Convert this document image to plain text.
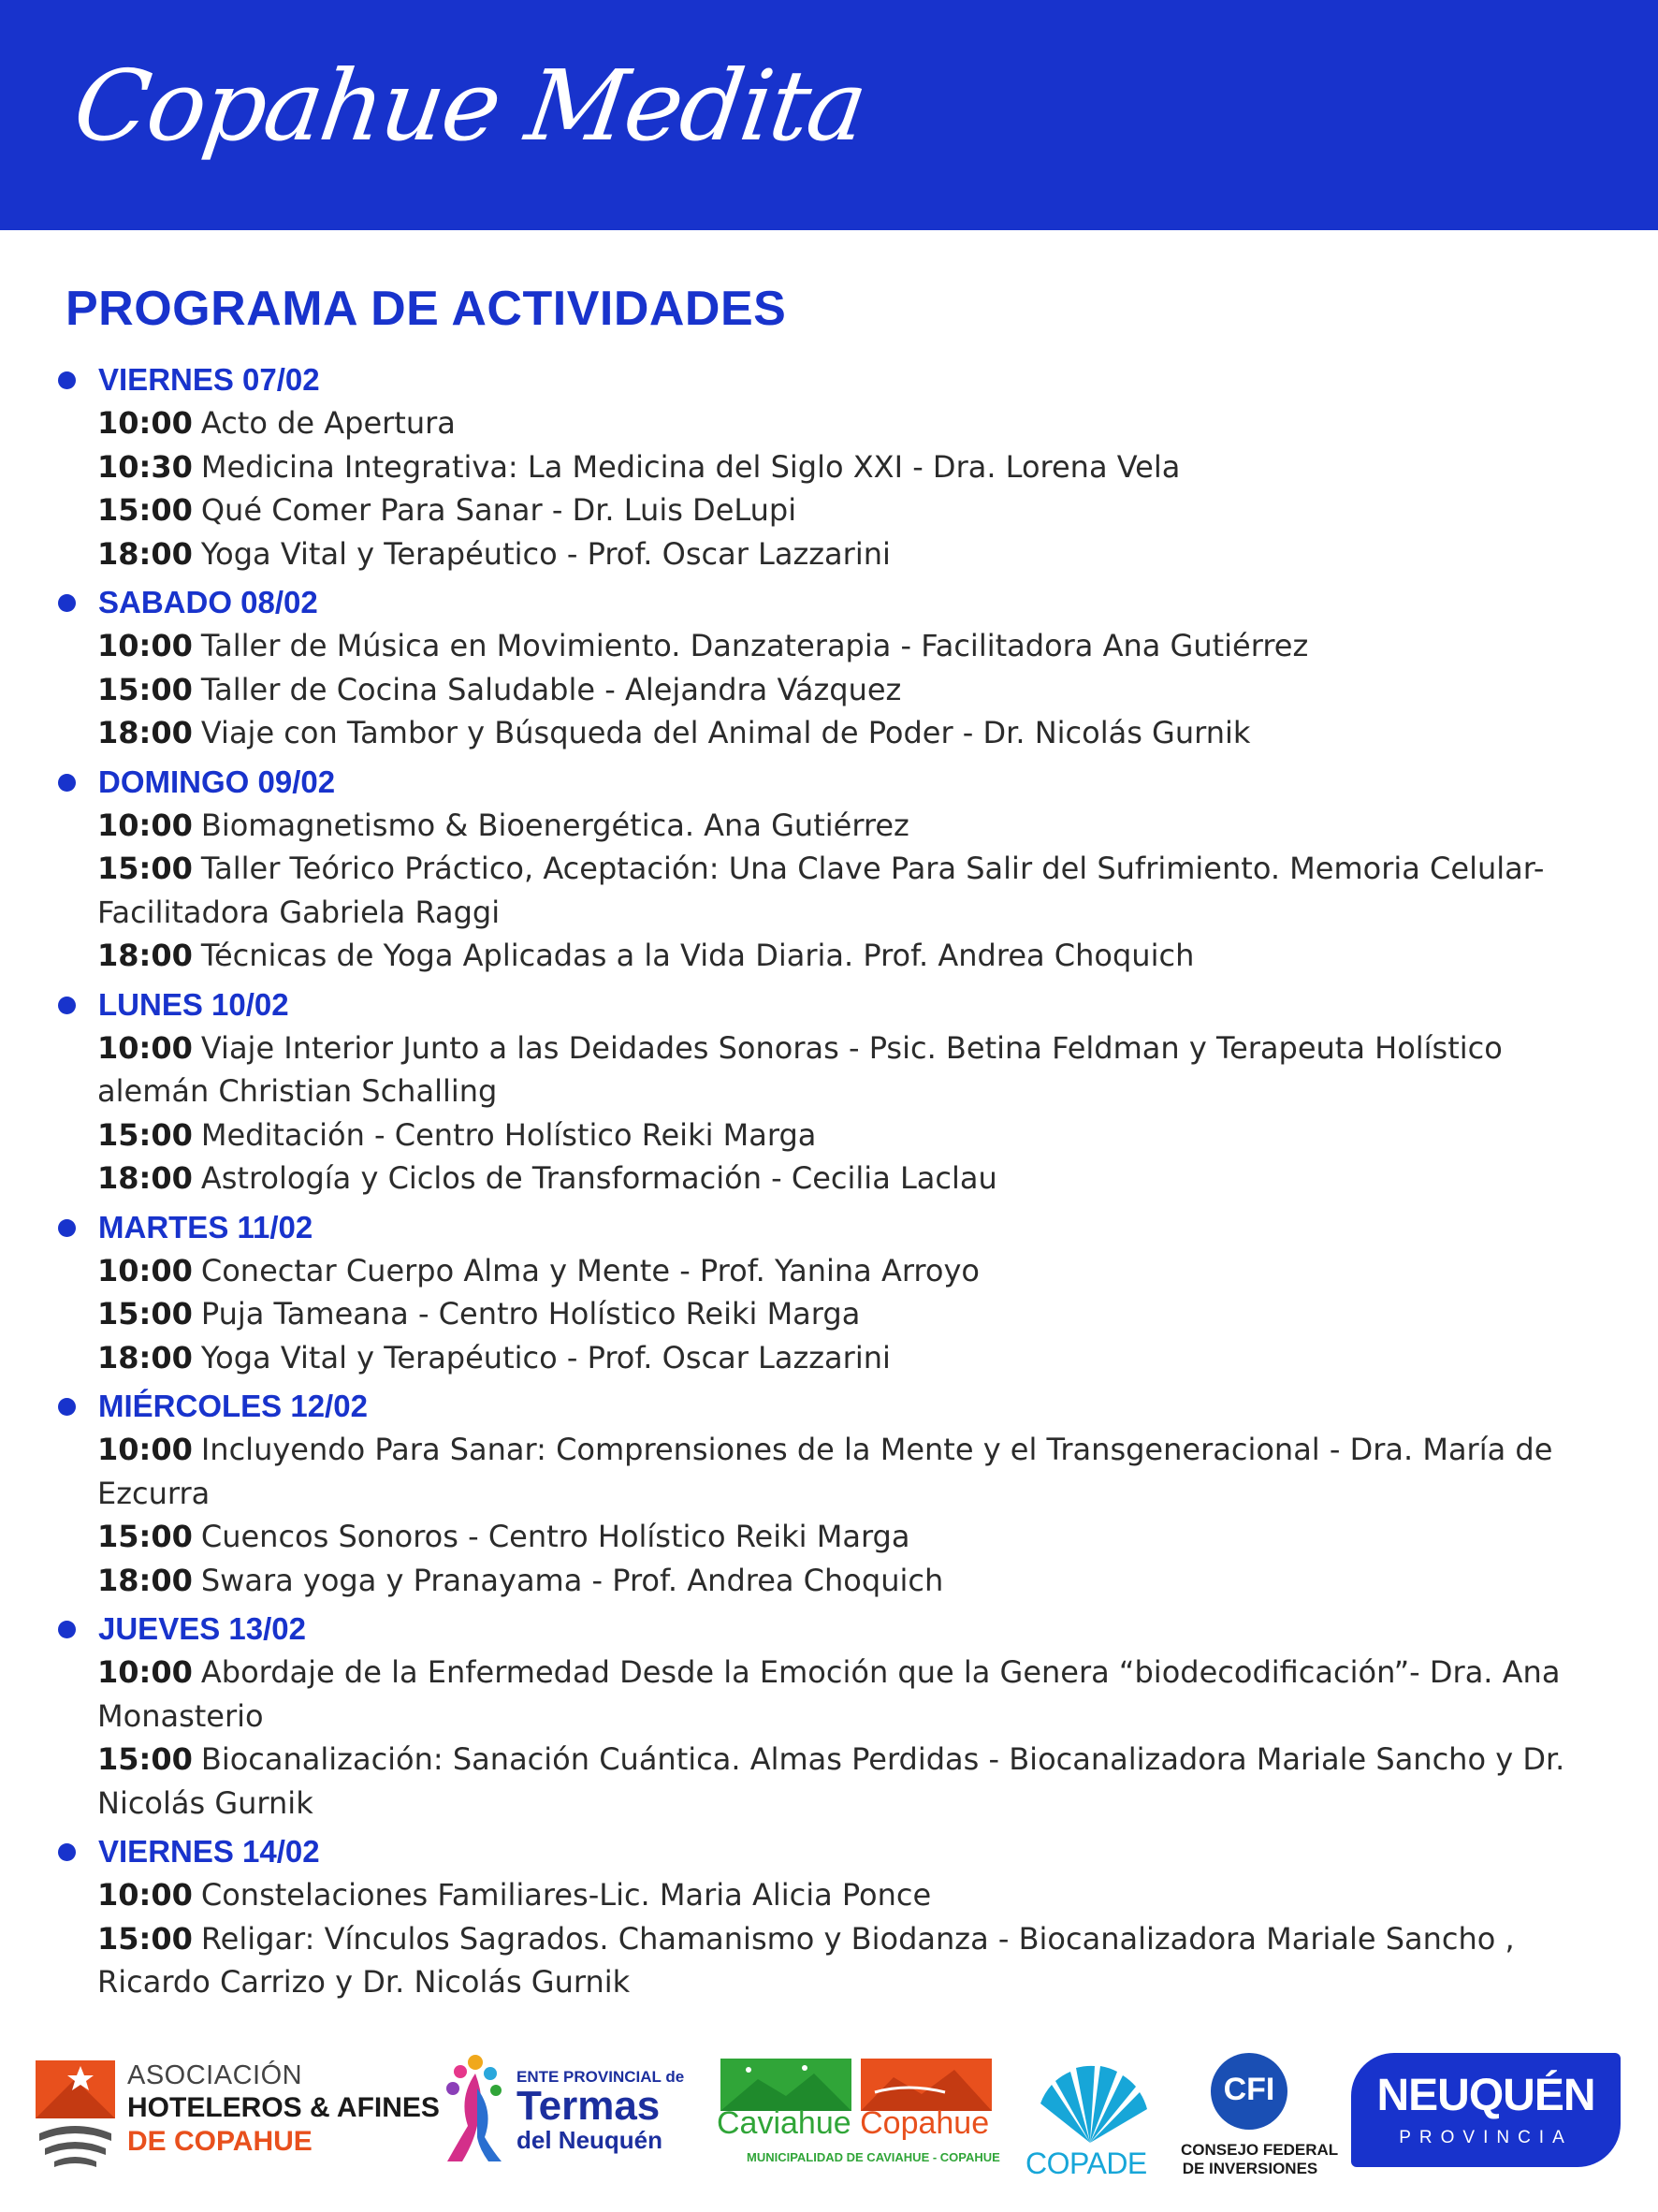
Copahue Medita
PROGRAMA DE ACTIVIDADES
VIERNES 07/02
10:00 Acto de Apertura
10:30 Medicina Integrativa: La Medicina del Siglo XXI - Dra. Lorena Vela
15:00 Qué Comer Para Sanar - Dr. Luis DeLupi
18:00 Yoga Vital y Terapéutico - Prof. Oscar Lazzarini
SABADO 08/02
10:00 Taller de Música en Movimiento. Danzaterapia - Facilitadora Ana Gutiérrez
15:00 Taller de Cocina Saludable - Alejandra Vázquez
18:00 Viaje con Tambor y Búsqueda del Animal de Poder - Dr. Nicolás Gurnik
DOMINGO 09/02
10:00 Biomagnetismo & Bioenergética. Ana Gutiérrez
15:00 Taller Teórico Práctico, Aceptación: Una Clave Para Salir del Sufrimiento. Memoria Celular- Facilitadora Gabriela Raggi
18:00 Técnicas de Yoga Aplicadas a la Vida Diaria. Prof. Andrea Choquich
LUNES 10/02
10:00 Viaje Interior Junto a las Deidades Sonoras - Psic. Betina Feldman y Terapeuta Holístico alemán Christian Schalling
15:00 Meditación - Centro Holístico Reiki Marga
18:00 Astrología y Ciclos de Transformación - Cecilia Laclau
MARTES 11/02
10:00 Conectar Cuerpo Alma y Mente - Prof. Yanina Arroyo
15:00 Puja Tameana - Centro Holístico Reiki Marga
18:00 Yoga Vital y Terapéutico - Prof. Oscar Lazzarini
MIÉRCOLES 12/02
10:00 Incluyendo Para Sanar: Comprensiones de la Mente y el Transgeneracional - Dra. María de Ezcurra
15:00 Cuencos Sonoros - Centro Holístico Reiki Marga
18:00 Swara yoga y Pranayama - Prof. Andrea Choquich
JUEVES 13/02
10:00 Abordaje de la Enfermedad Desde la Emoción que la Genera “biodecodificación”- Dra. Ana Monasterio
15:00 Biocanalización: Sanación Cuántica. Almas Perdidas - Biocanalizadora Mariale Sancho y Dr. Nicolás Gurnik
VIERNES 14/02
10:00 Constelaciones Familiares-Lic. Maria Alicia Ponce
15:00 Religar: Vínculos Sagrados. Chamanismo y Biodanza - Biocanalizadora Mariale Sancho , Ricardo Carrizo y Dr. Nicolás Gurnik
ASOCIACIÓN
HOTELEROS & AFINES
DE COPAHUE
ENTE PROVINCIAL de
Termas
del Neuquén Caviahue Copahue
MUNICIPALIDAD DE CAVIAHUE - COPAHUE COPADE
CFI
CONSEJO FEDERAL
DE INVERSIONES
NEUQUÉN
PROVINCIA
